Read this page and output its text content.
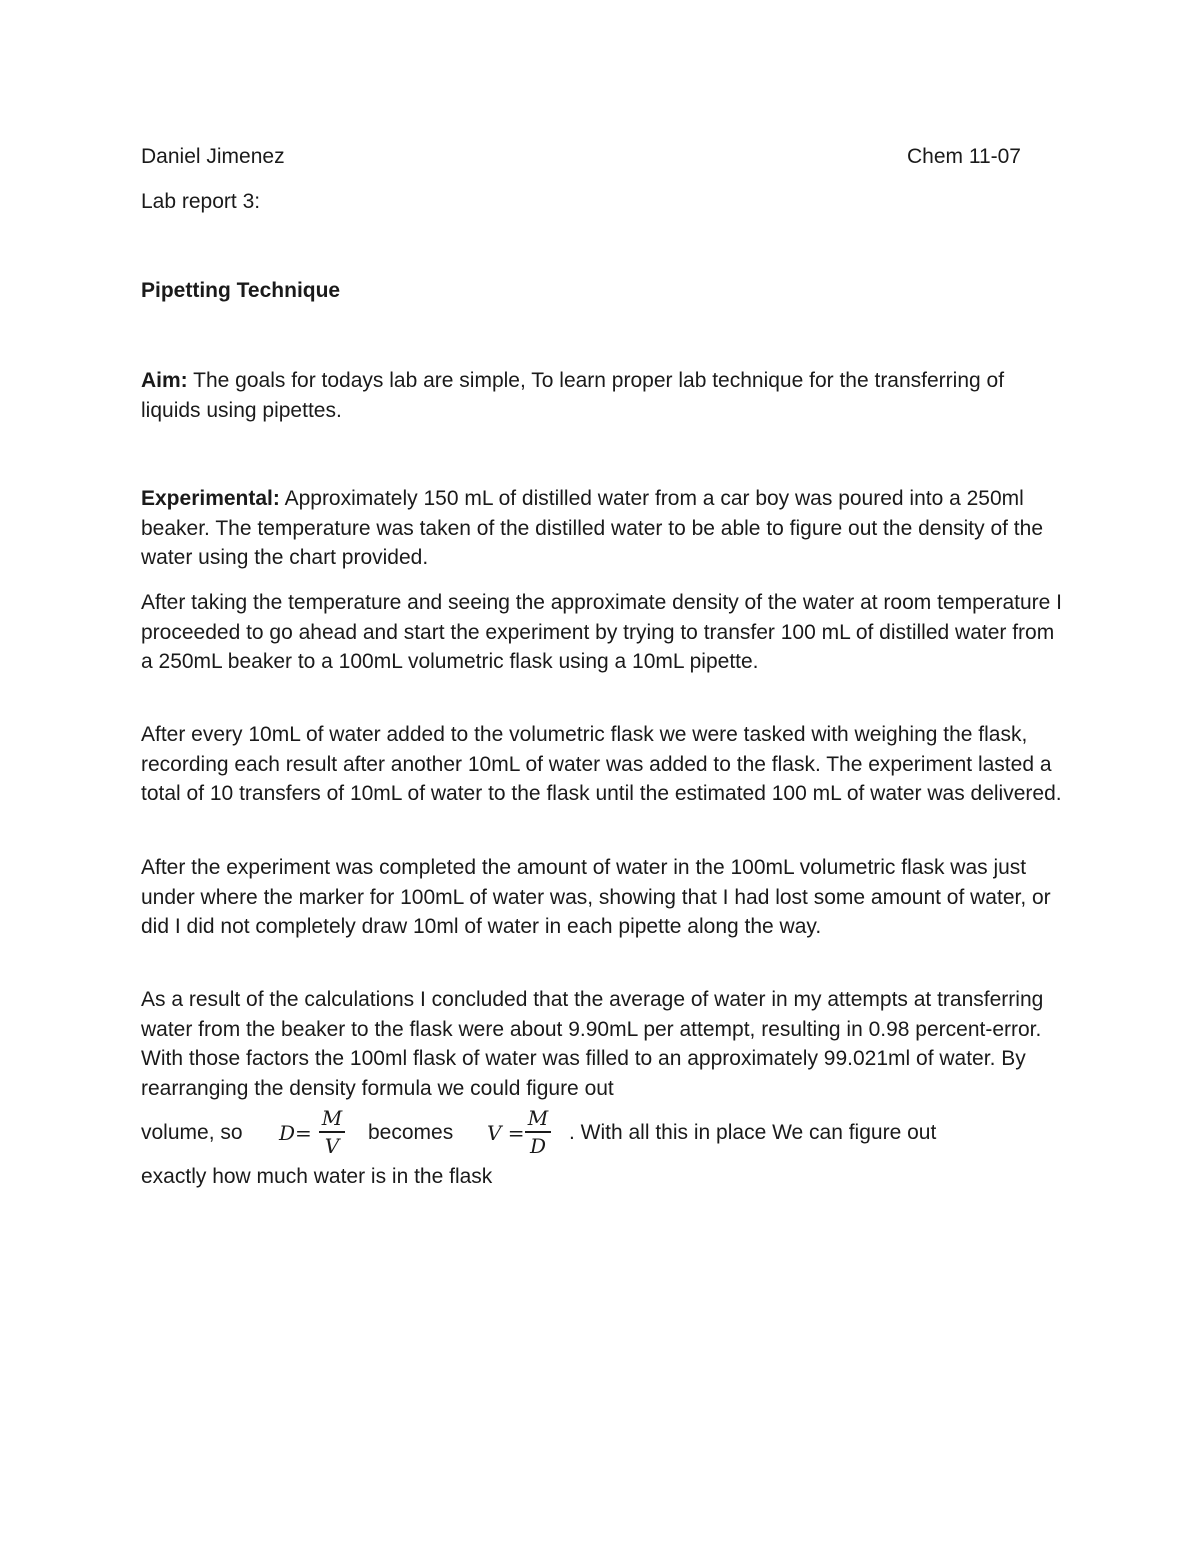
Daniel Jimenez	Chem 11-07
Lab report 3:
Pipetting Technique

Aim: The goals for todays lab are simple, To learn proper lab technique for the transferring of liquids using pipettes.

Experimental: Approximately 150 mL of distilled water from a car boy was poured into a 250ml beaker. The temperature was taken of the distilled water to be able to figure out the density of the water using the chart provided.

After taking the temperature and seeing the approximate density of the water at room temperature I proceeded to go ahead and start the experiment by trying to transfer 100 mL of distilled water from a 250mL beaker to a 100mL volumetric flask using a 10mL pipette.

After every 10mL of water added to the volumetric flask we were tasked with weighing the flask, recording each result after another 10mL of water was added to the flask. The experiment lasted a total of 10 transfers of 10mL of water to the flask until the estimated 100 mL of water was delivered.

After the experiment was completed the amount of water in the 100mL volumetric flask was just under where the marker for 100mL of water was, showing that I had lost some amount of water, or did I did not completely draw 10ml of water in each pipette along the way.

As a result of the calculations I concluded that the average of water in my attempts at transferring water from the beaker to the flask were about 9.90mL per attempt, resulting in 0.98 percent-error. With those factors the 100ml flask of water was filled to an approximately 99.021ml of water. By rearranging the density formula we could figure out

volume, so D=
M
V
becomes V =
M
D
. With all this in place We can figure out
exactly how much water is in the flask
